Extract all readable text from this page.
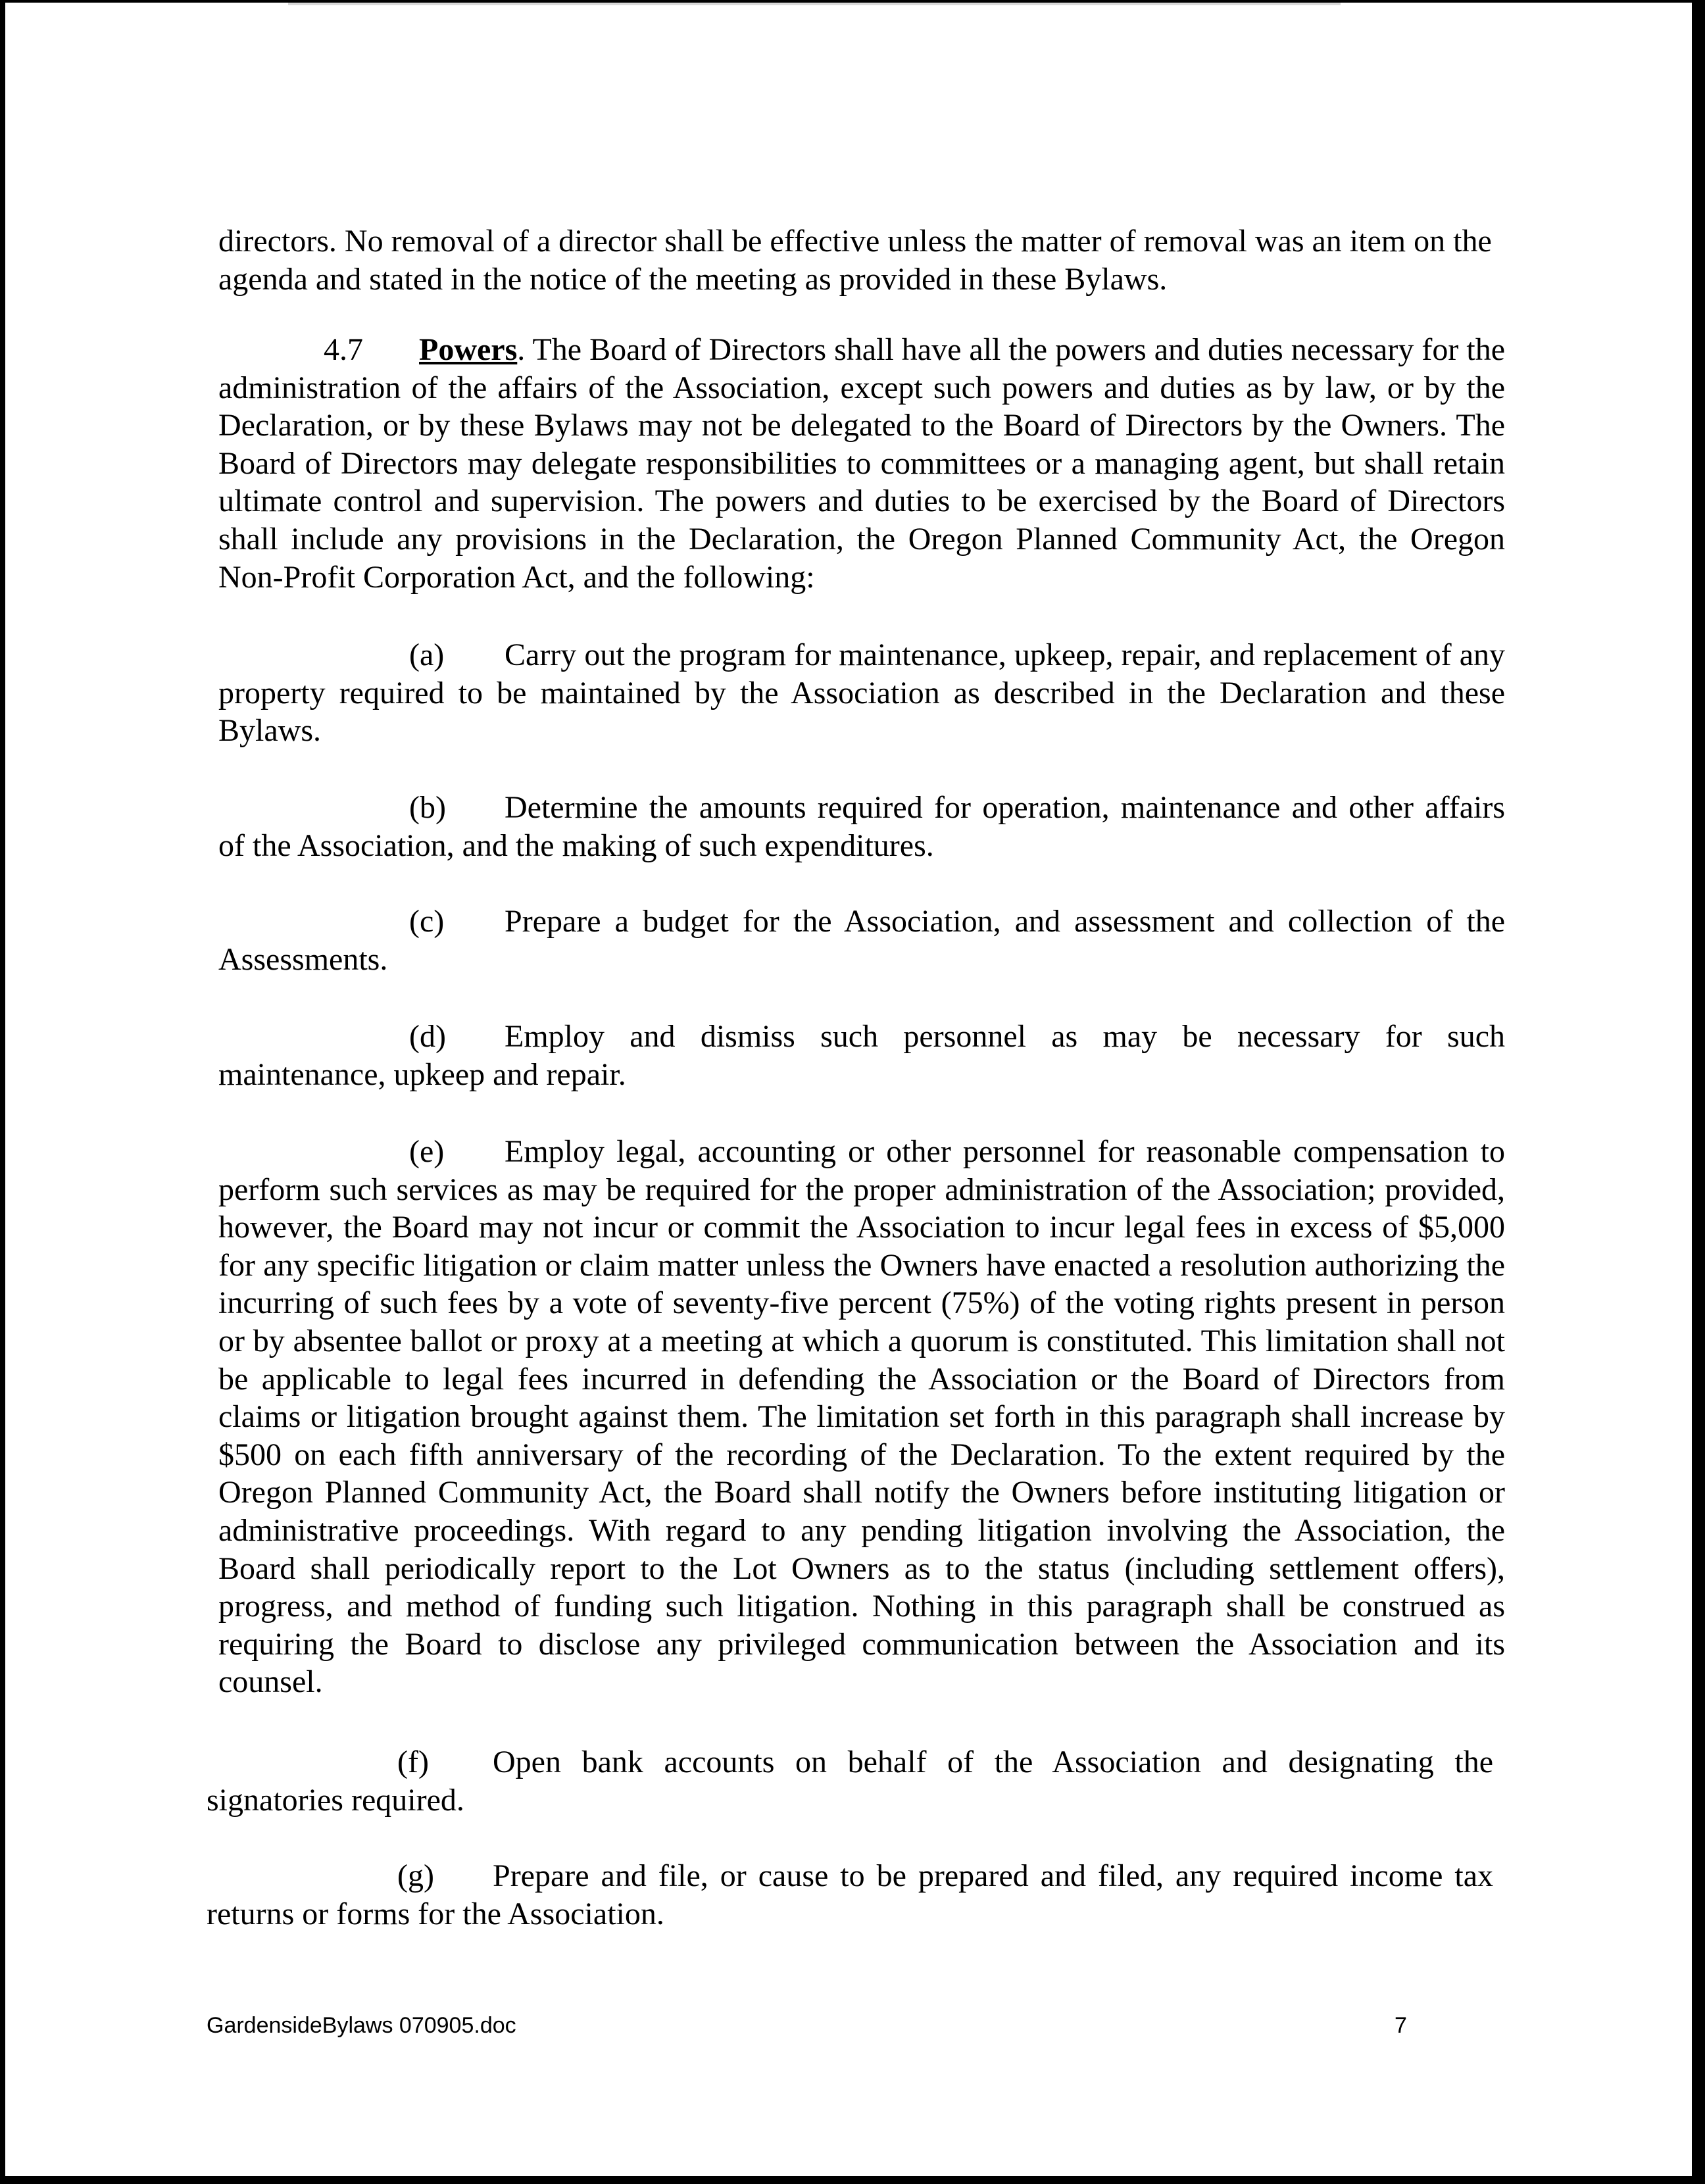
directors. No removal of a director shall be effective unless the matter of removal was an item on the agenda and stated in the notice of the meeting as provided in these Bylaws.

4.7 Powers. The Board of Directors shall have all the powers and duties necessary for the administration of the affairs of the Association, except such powers and duties as by law, or by the Declaration, or by these Bylaws may not be delegated to the Board of Directors by the Owners. The Board of Directors may delegate responsibilities to committees or a managing agent, but shall retain ultimate control and supervision. The powers and duties to be exercised by the Board of Directors shall include any provisions in the Declaration, the Oregon Planned Community Act, the Oregon Non-Profit Corporation Act, and the following:

(a) Carry out the program for maintenance, upkeep, repair, and replacement of any property required to be maintained by the Association as described in the Declaration and these Bylaws.

(b) Determine the amounts required for operation, maintenance and other affairs of the Association, and the making of such expenditures.

(c) Prepare a budget for the Association, and assessment and collection of the Assessments.

(d) Employ and dismiss such personnel as may be necessary for such maintenance, upkeep and repair.

(e) Employ legal, accounting or other personnel for reasonable compensation to perform such services as may be required for the proper administration of the Association; provided, however, the Board may not incur or commit the Association to incur legal fees in excess of $5,000 for any specific litigation or claim matter unless the Owners have enacted a resolution authorizing the incurring of such fees by a vote of seventy-five percent (75%) of the voting rights present in person or by absentee ballot or proxy at a meeting at which a quorum is constituted. This limitation shall not be applicable to legal fees incurred in defending the Association or the Board of Directors from claims or litigation brought against them. The limitation set forth in this paragraph shall increase by $500 on each fifth anniversary of the recording of the Declaration. To the extent required by the Oregon Planned Community Act, the Board shall notify the Owners before instituting litigation or administrative proceedings. With regard to any pending litigation involving the Association, the Board shall periodically report to the Lot Owners as to the status (including settlement offers), progress, and method of funding such litigation. Nothing in this paragraph shall be construed as requiring the Board to disclose any privileged communication between the Association and its counsel.

(f) Open bank accounts on behalf of the Association and designating the signatories required.

(g) Prepare and file, or cause to be prepared and filed, any required income tax returns or forms for the Association.

GardensideBylaws 070905.doc	7
